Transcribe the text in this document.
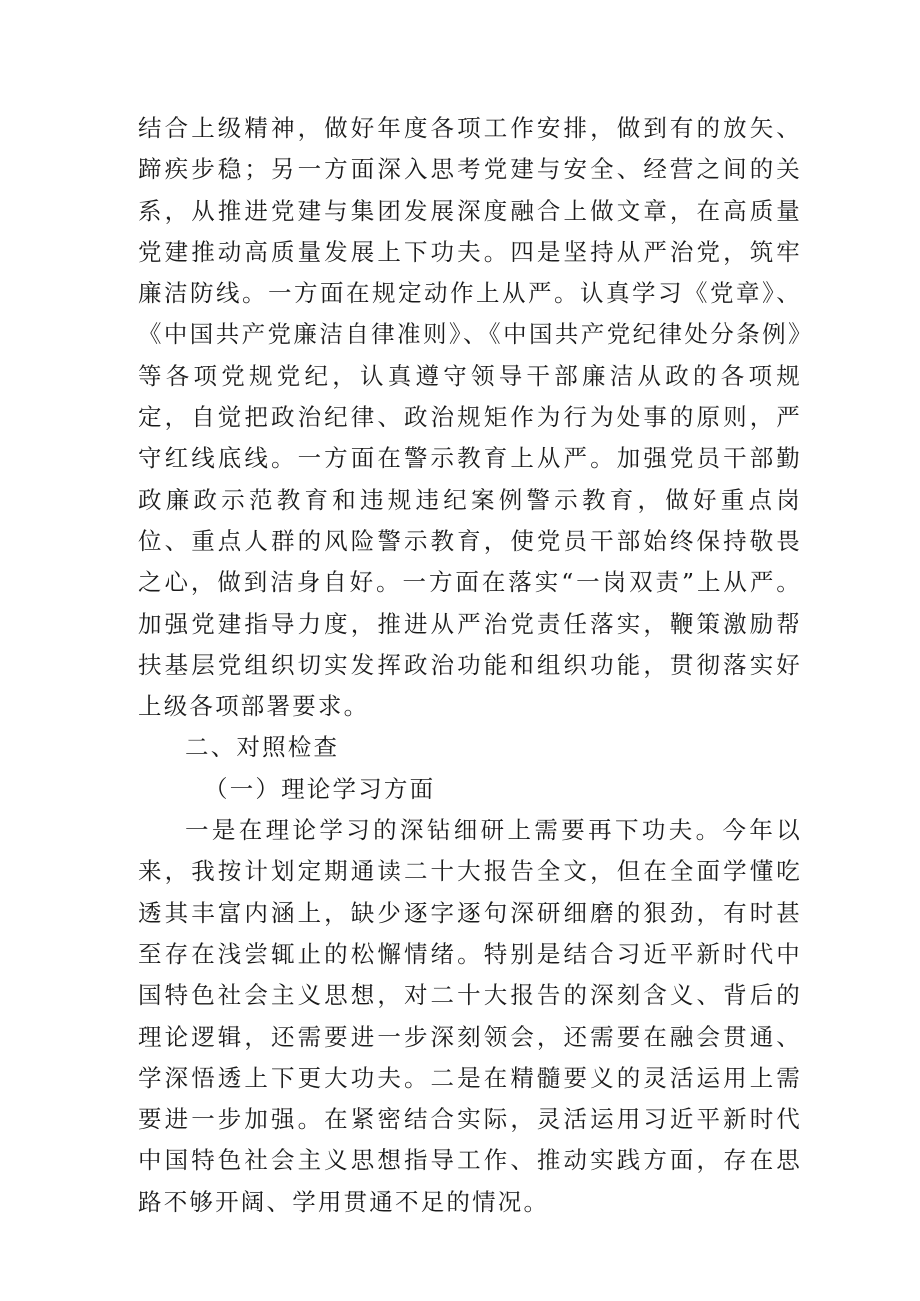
结合上级精神，做好年度各项工作安排，做到有的放矢、蹄疾步稳；另一方面深入思考党建与安全、经营之间的关系，从推进党建与集团发展深度融合上做文章，在高质量党建推动高质量发展上下功夫。四是坚持从严治党，筑牢廉洁防线。一方面在规定动作上从严。认真学习《党章》、《中国共产党廉洁自律准则》、《中国共产党纪律处分条例》等各项党规党纪，认真遵守领导干部廉洁从政的各项规定，自觉把政治纪律、政治规矩作为行为处事的原则，严守红线底线。一方面在警示教育上从严。加强党员干部勤政廉政示范教育和违规违纪案例警示教育，做好重点岗位、重点人群的风险警示教育，使党员干部始终保持敬畏之心，做到洁身自好。一方面在落实“一岗双责”上从严。加强党建指导力度，推进从严治党责任落实，鞭策激励帮扶基层党组织切实发挥政治功能和组织功能，贯彻落实好上级各项部署要求。

二、对照检查

（一）理论学习方面

一是在理论学习的深钻细研上需要再下功夫。今年以来，我按计划定期通读二十大报告全文，但在全面学懂吃透其丰富内涵上，缺少逐字逐句深研细磨的狠劲，有时甚至存在浅尝辄止的松懈情绪。特别是结合习近平新时代中国特色社会主义思想，对二十大报告的深刻含义、背后的理论逻辑，还需要进一步深刻领会，还需要在融会贯通、学深悟透上下更大功夫。二是在精髓要义的灵活运用上需要进一步加强。在紧密结合实际，灵活运用习近平新时代中国特色社会主义思想指导工作、推动实践方面，存在思路不够开阔、学用贯通不足的情况。
